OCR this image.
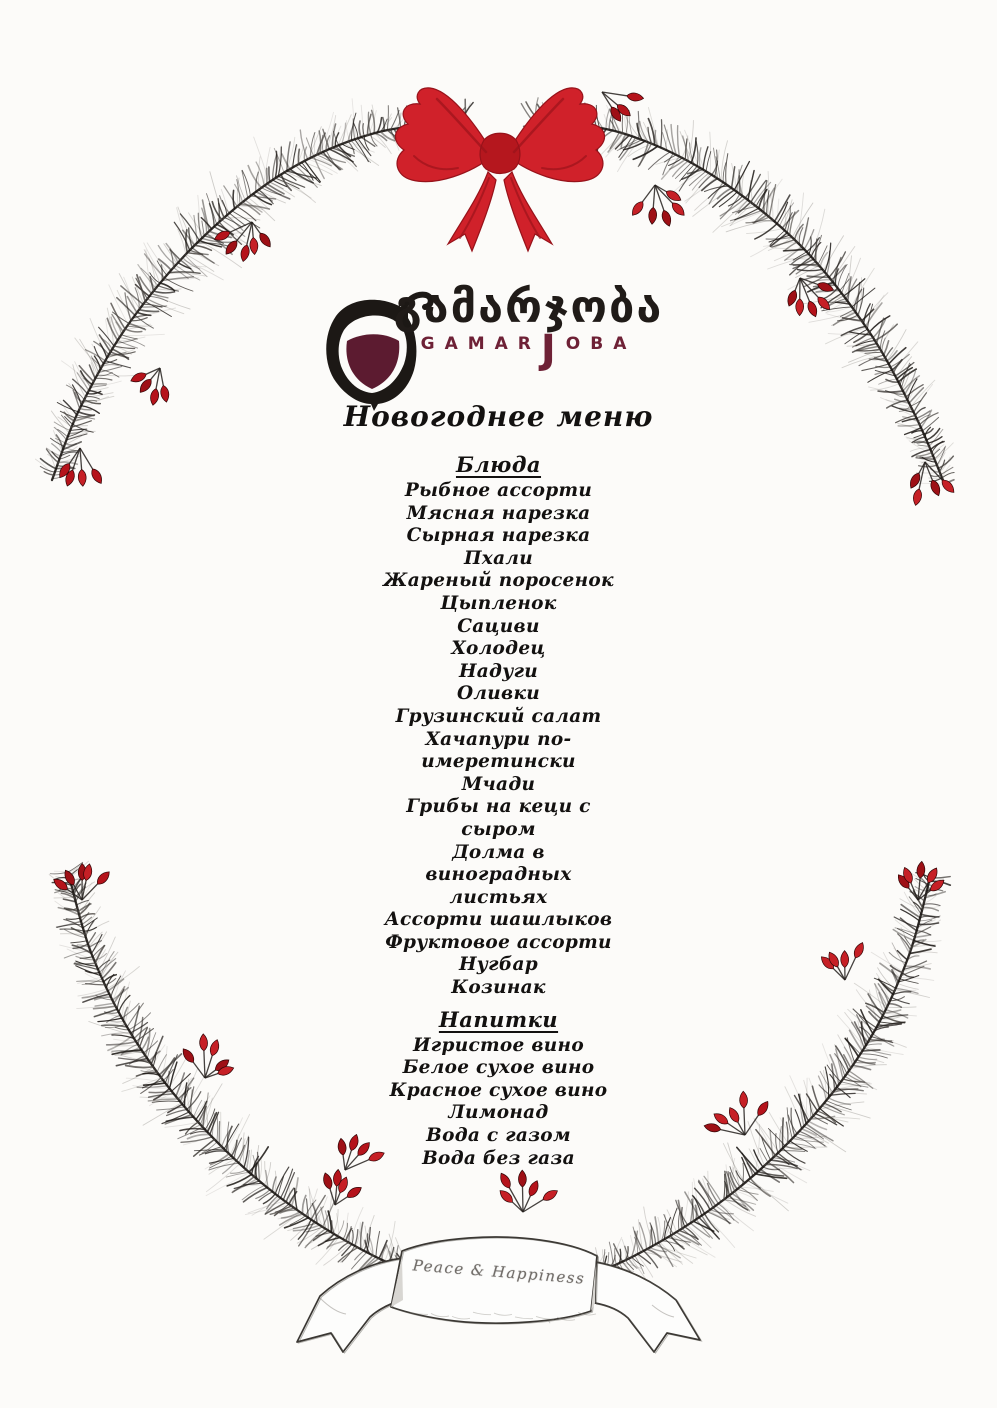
გამარჯობა
GAMARJOBA
Новогоднее меню
Блюда
Рыбное ассорти
Мясная нарезка
Сырная нарезка
Пхали
Жареный поросенок
Цыпленок
Сациви
Холодец
Надуги
Оливки
Грузинский салат
Хачапури по-имеретински
Мчади
Грибы на кеци с сыром
Долма в виноградных листьях
Ассорти шашлыков
Фруктовое ассорти
Нугбар
Козинак
Напитки
Игристое вино
Белое сухое вино
Красное сухое вино
Лимонад
Вода с газом
Вода без газа
Peace & Happiness
